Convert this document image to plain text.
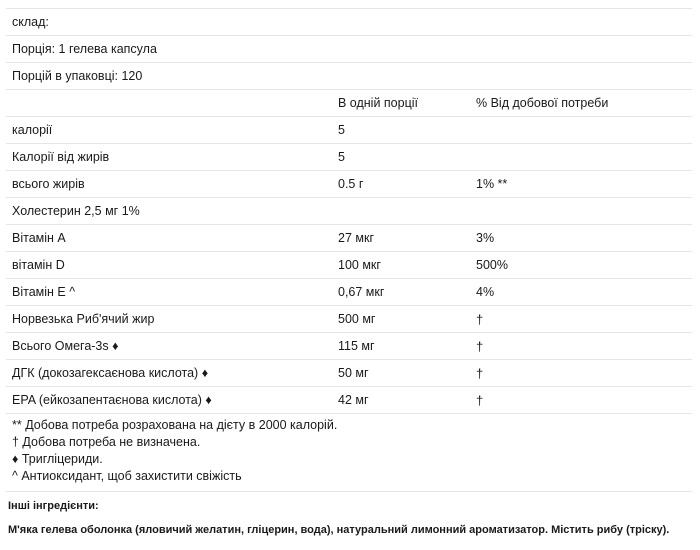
склад:		
Порція: 1 гелева капсула		
Порцій в упаковці: 120		
	В одній порції	% Від добової потреби
калорії	5	
Калорії від жирів	5	
всього жирів	0.5 г	1% **
Холестерин 2,5 мг 1%		
Вітамін А	27 мкг	3%
вітамін D	100 мкг	500%
Вітамін Е ^	0,67 мкг	4%
Норвезька Риб'ячий жир	500 мг	†
Всього Омега-3s ♦	115 мг	†
ДГК (докозагексаєнова кислота) ♦	50 мг	†
EPA (ейкозапентаєнова кислота) ♦	42 мг	†
** Добова потреба розрахована на дієту в 2000 калорій.
† Добова потреба не визначена.
♦ Тригліцериди.
^ Антиоксидант, щоб захистити свіжість
Інші інгредієнти:
М'яка гелева оболонка (яловичий желатин, гліцерин, вода), натуральний лимонний ароматизатор. Містить рибу (тріску).
